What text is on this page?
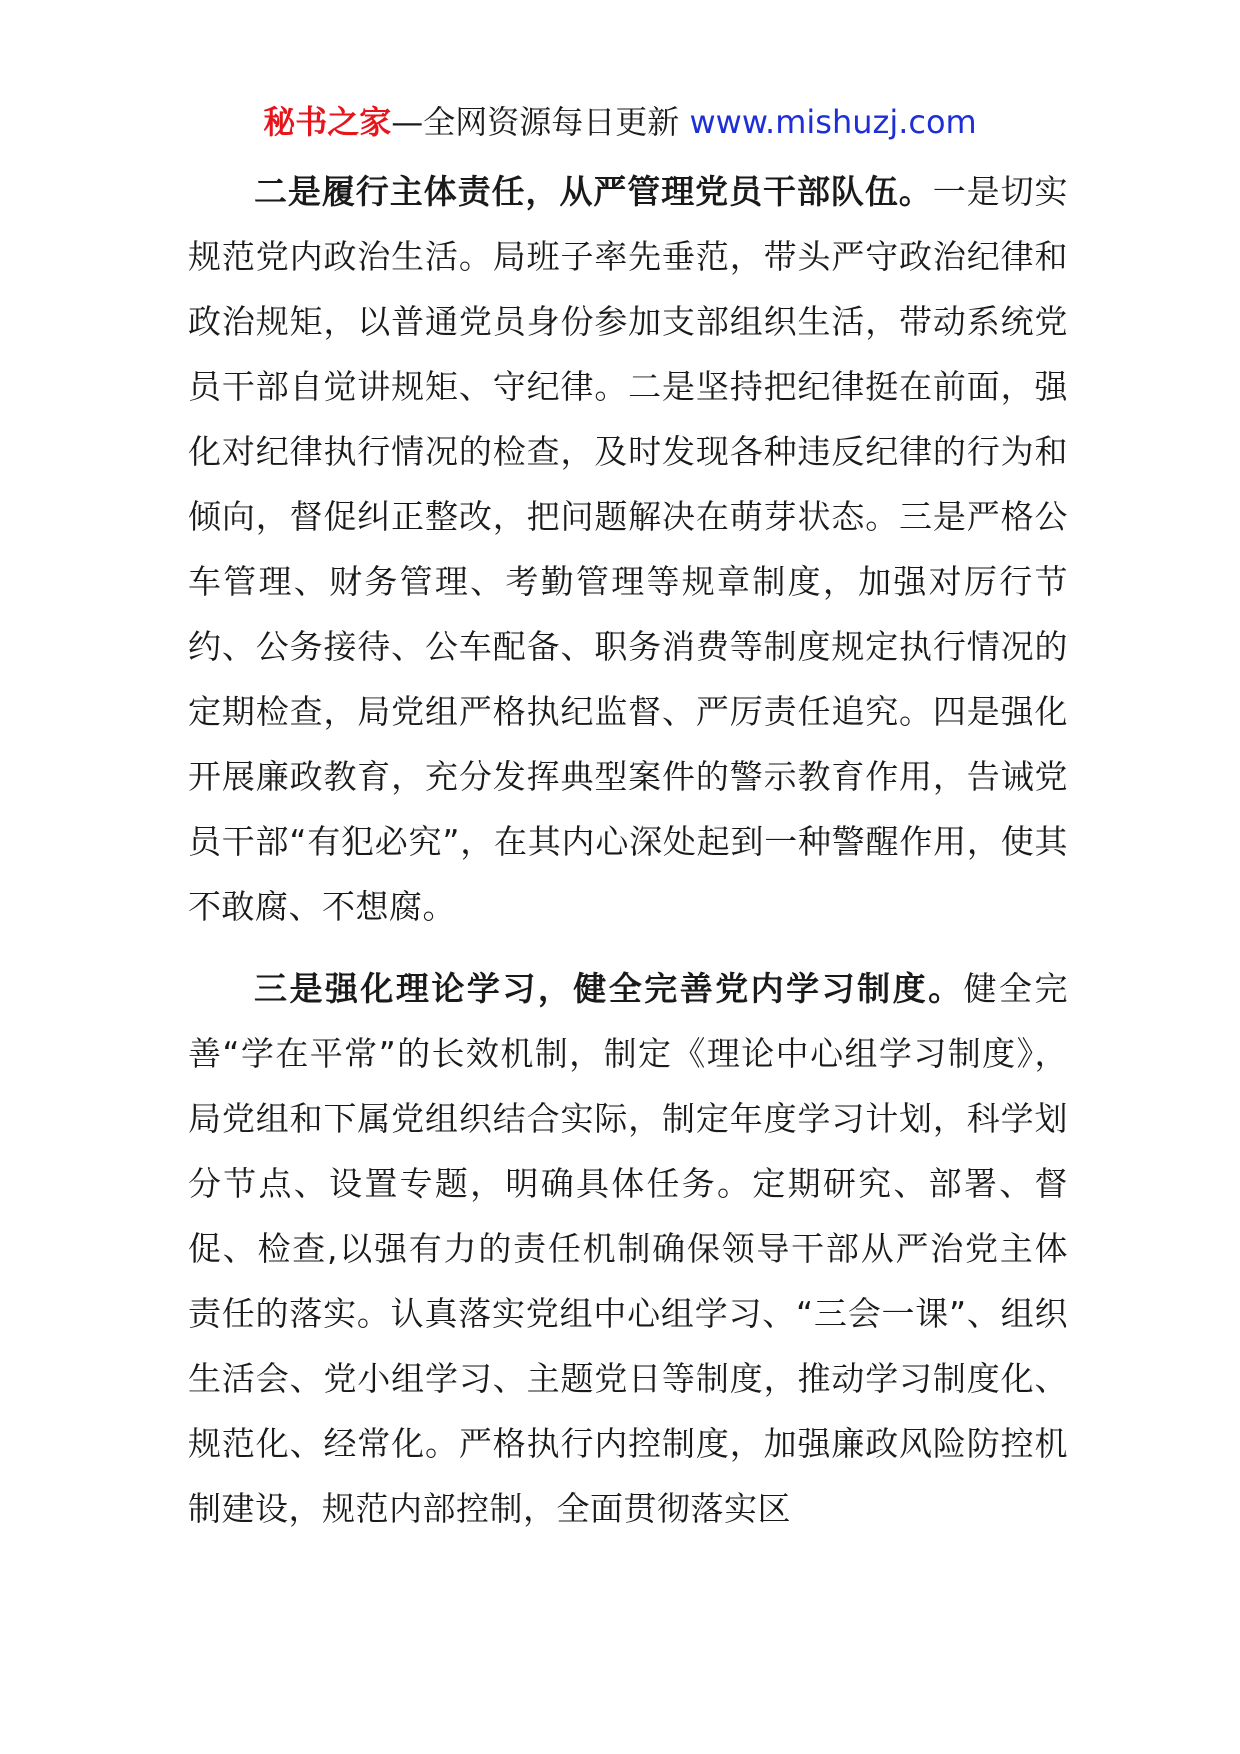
秘书之家—全网资源每日更新 www.mishuzj.com

二是履行主体责任，从严管理党员干部队伍。一是切实规范党内政治生活。局班子率先垂范，带头严守政治纪律和政治规矩，以普通党员身份参加支部组织生活，带动系统党员干部自觉讲规矩、守纪律。二是坚持把纪律挺在前面，强化对纪律执行情况的检查，及时发现各种违反纪律的行为和倾向，督促纠正整改，把问题解决在萌芽状态。三是严格公车管理、财务管理、考勤管理等规章制度，加强对厉行节约、公务接待、公车配备、职务消费等制度规定执行情况的定期检查，局党组严格执纪监督、严厉责任追究。四是强化开展廉政教育，充分发挥典型案件的警示教育作用，告诫党员干部“有犯必究”，在其内心深处起到一种警醒作用，使其不敢腐、不想腐。

三是强化理论学习，健全完善党内学习制度。健全完善“学在平常”的长效机制，制定《理论中心组学习制度》，局党组和下属党组织结合实际，制定年度学习计划，科学划分节点、设置专题，明确具体任务。定期研究、部署、督促、检查,以强有力的责任机制确保领导干部从严治党主体责任的落实。认真落实党组中心组学习、“三会一课”、组织生活会、党小组学习、主题党日等制度，推动学习制度化、规范化、经常化。严格执行内控制度，加强廉政风险防控机制建设，规范内部控制，全面贯彻落实区
